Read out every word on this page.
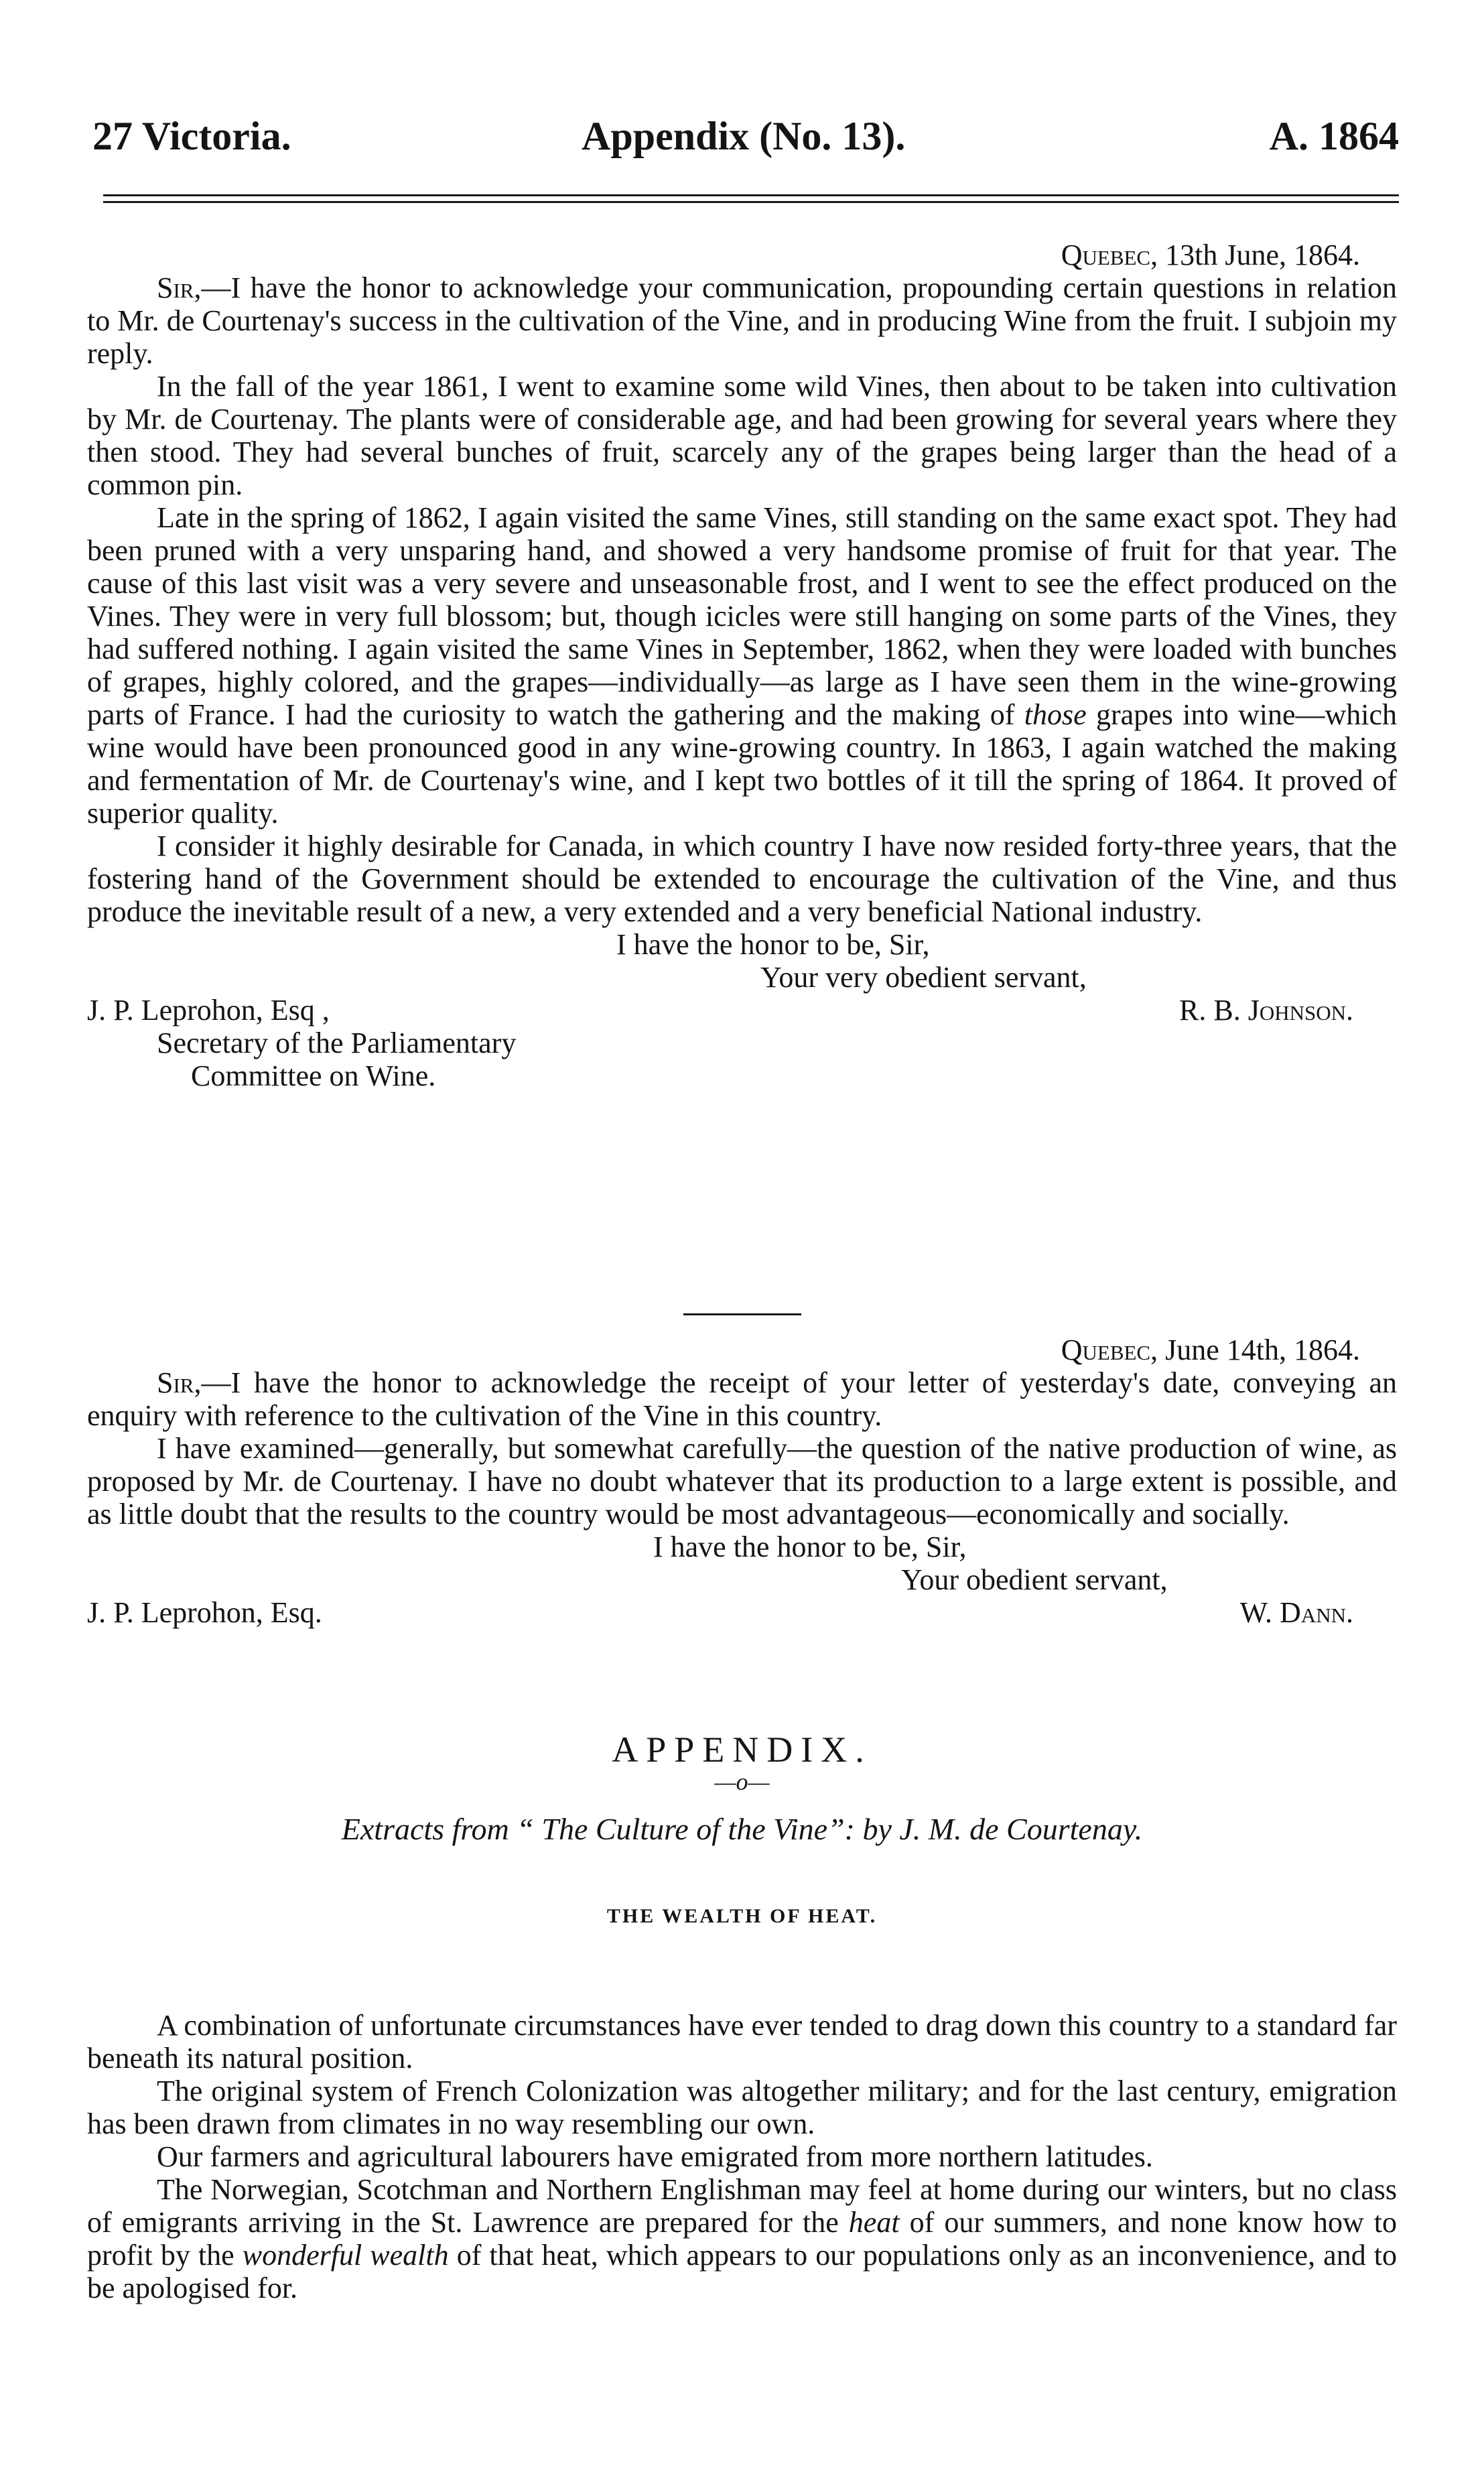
27 Victoria.	Appendix (No. 13).	A. 1864
Quebec, 13th June, 1864.

Sir,—I have the honor to acknowledge your communication, propounding certain questions in relation to Mr. de Courtenay's success in the cultivation of the Vine, and in producing Wine from the fruit. I subjoin my reply.

In the fall of the year 1861, I went to examine some wild Vines, then about to be taken into cultivation by Mr. de Courtenay. The plants were of considerable age, and had been growing for several years where they then stood. They had several bunches of fruit, scarcely any of the grapes being larger than the head of a common pin.

Late in the spring of 1862, I again visited the same Vines, still standing on the same exact spot. They had been pruned with a very unsparing hand, and showed a very handsome promise of fruit for that year. The cause of this last visit was a very severe and unseasonable frost, and I went to see the effect produced on the Vines. They were in very full blossom; but, though icicles were still hanging on some parts of the Vines, they had suffered nothing. I again visited the same Vines in September, 1862, when they were loaded with bunches of grapes, highly colored, and the grapes—individually—as large as I have seen them in the wine-growing parts of France. I had the curiosity to watch the gathering and the making of those grapes into wine—which wine would have been pronounced good in any wine-growing country. In 1863, I again watched the making and fermentation of Mr. de Courtenay's wine, and I kept two bottles of it till the spring of 1864. It proved of superior quality.

I consider it highly desirable for Canada, in which country I have now resided forty-three years, that the fostering hand of the Government should be extended to encourage the cultivation of the Vine, and thus produce the inevitable result of a new, a very extended and a very beneficial National industry.

I have the honor to be, Sir,
Your very obedient servant,
J. P. Leprohon, Esq ,	R. B. Johnson.
Secretary of the Parliamentary
Committee on Wine.
Quebec, June 14th, 1864.

Sir,—I have the honor to acknowledge the receipt of your letter of yesterday's date, conveying an enquiry with reference to the cultivation of the Vine in this country.

I have examined—generally, but somewhat carefully—the question of the native production of wine, as proposed by Mr. de Courtenay. I have no doubt whatever that its production to a large extent is possible, and as little doubt that the results to the country would be most advantageous—economically and socially.

I have the honor to be, Sir,
Your obedient servant,
J. P. Leprohon, Esq.	W. Dann.
APPENDIX.
—o—
Extracts from “ The Culture of the Vine”: by J. M. de Courtenay.
THE WEALTH OF HEAT.

A combination of unfortunate circumstances have ever tended to drag down this country to a standard far beneath its natural position.

The original system of French Colonization was altogether military; and for the last century, emigration has been drawn from climates in no way resembling our own.

Our farmers and agricultural labourers have emigrated from more northern latitudes.

The Norwegian, Scotchman and Northern Englishman may feel at home during our winters, but no class of emigrants arriving in the St. Lawrence are prepared for the heat of our summers, and none know how to profit by the wonderful wealth of that heat, which appears to our populations only as an inconvenience, and to be apologised for.
